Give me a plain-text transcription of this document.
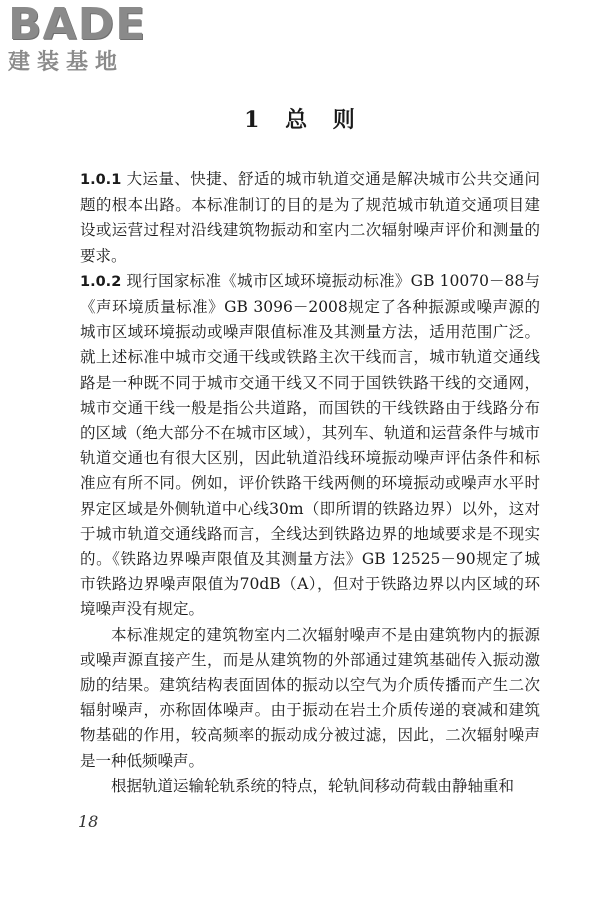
BADE
建装基地
1 总 则

1.0.1 大运量、快捷、舒适的城市轨道交通是解决城市公共交通问题的根本出路。本标准制订的目的是为了规范城市轨道交通项目建设或运营过程对沿线建筑物振动和室内二次辐射噪声评价和测量的要求。

1.0.2 现行国家标准《城市区域环境振动标准》GB 10070－88与《声环境质量标准》GB 3096－2008规定了各种振源或噪声源的城市区域环境振动或噪声限值标准及其测量方法，适用范围广泛。就上述标准中城市交通干线或铁路主次干线而言，城市轨道交通线路是一种既不同于城市交通干线又不同于国铁铁路干线的交通网，城市交通干线一般是指公共道路，而国铁的干线铁路由于线路分布的区域（绝大部分不在城市区域），其列车、轨道和运营条件与城市轨道交通也有很大区别，因此轨道沿线环境振动噪声评估条件和标准应有所不同。例如，评价铁路干线两侧的环境振动或噪声水平时界定区域是外侧轨道中心线30m（即所谓的铁路边界）以外，这对于城市轨道交通线路而言，全线达到铁路边界的地域要求是不现实的。《铁路边界噪声限值及其测量方法》GB 12525－90规定了城市铁路边界噪声限值为70dB（A），但对于铁路边界以内区域的环境噪声没有规定。

本标准规定的建筑物室内二次辐射噪声不是由建筑物内的振源或噪声源直接产生，而是从建筑物的外部通过建筑基础传入振动激励的结果。建筑结构表面固体的振动以空气为介质传播而产生二次辐射噪声，亦称固体噪声。由于振动在岩土介质传递的衰减和建筑物基础的作用，较高频率的振动成分被过滤，因此，二次辐射噪声是一种低频噪声。

根据轨道运输轮轨系统的特点，轮轨间移动荷载由静轴重和

18
